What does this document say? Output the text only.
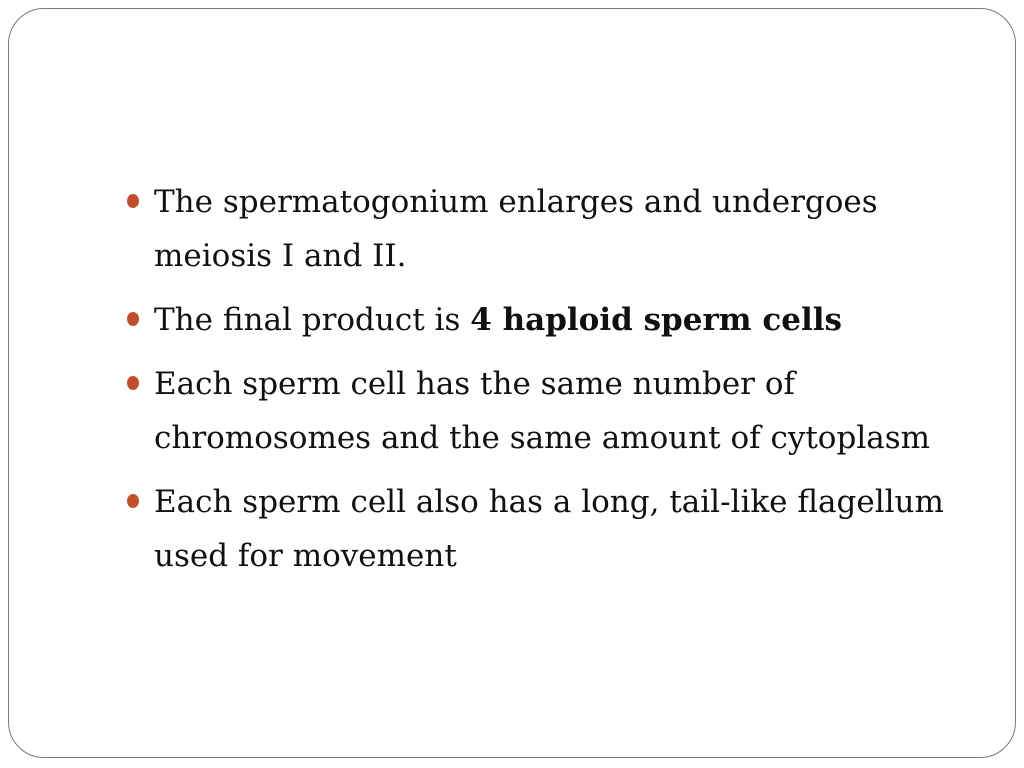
The spermatogonium enlarges and undergoes meiosis I and II.
The final product is 4 haploid sperm cells
Each sperm cell has the same number of chromosomes and the same amount of cytoplasm
Each sperm cell also has a long, tail-like flagellum used for movement
